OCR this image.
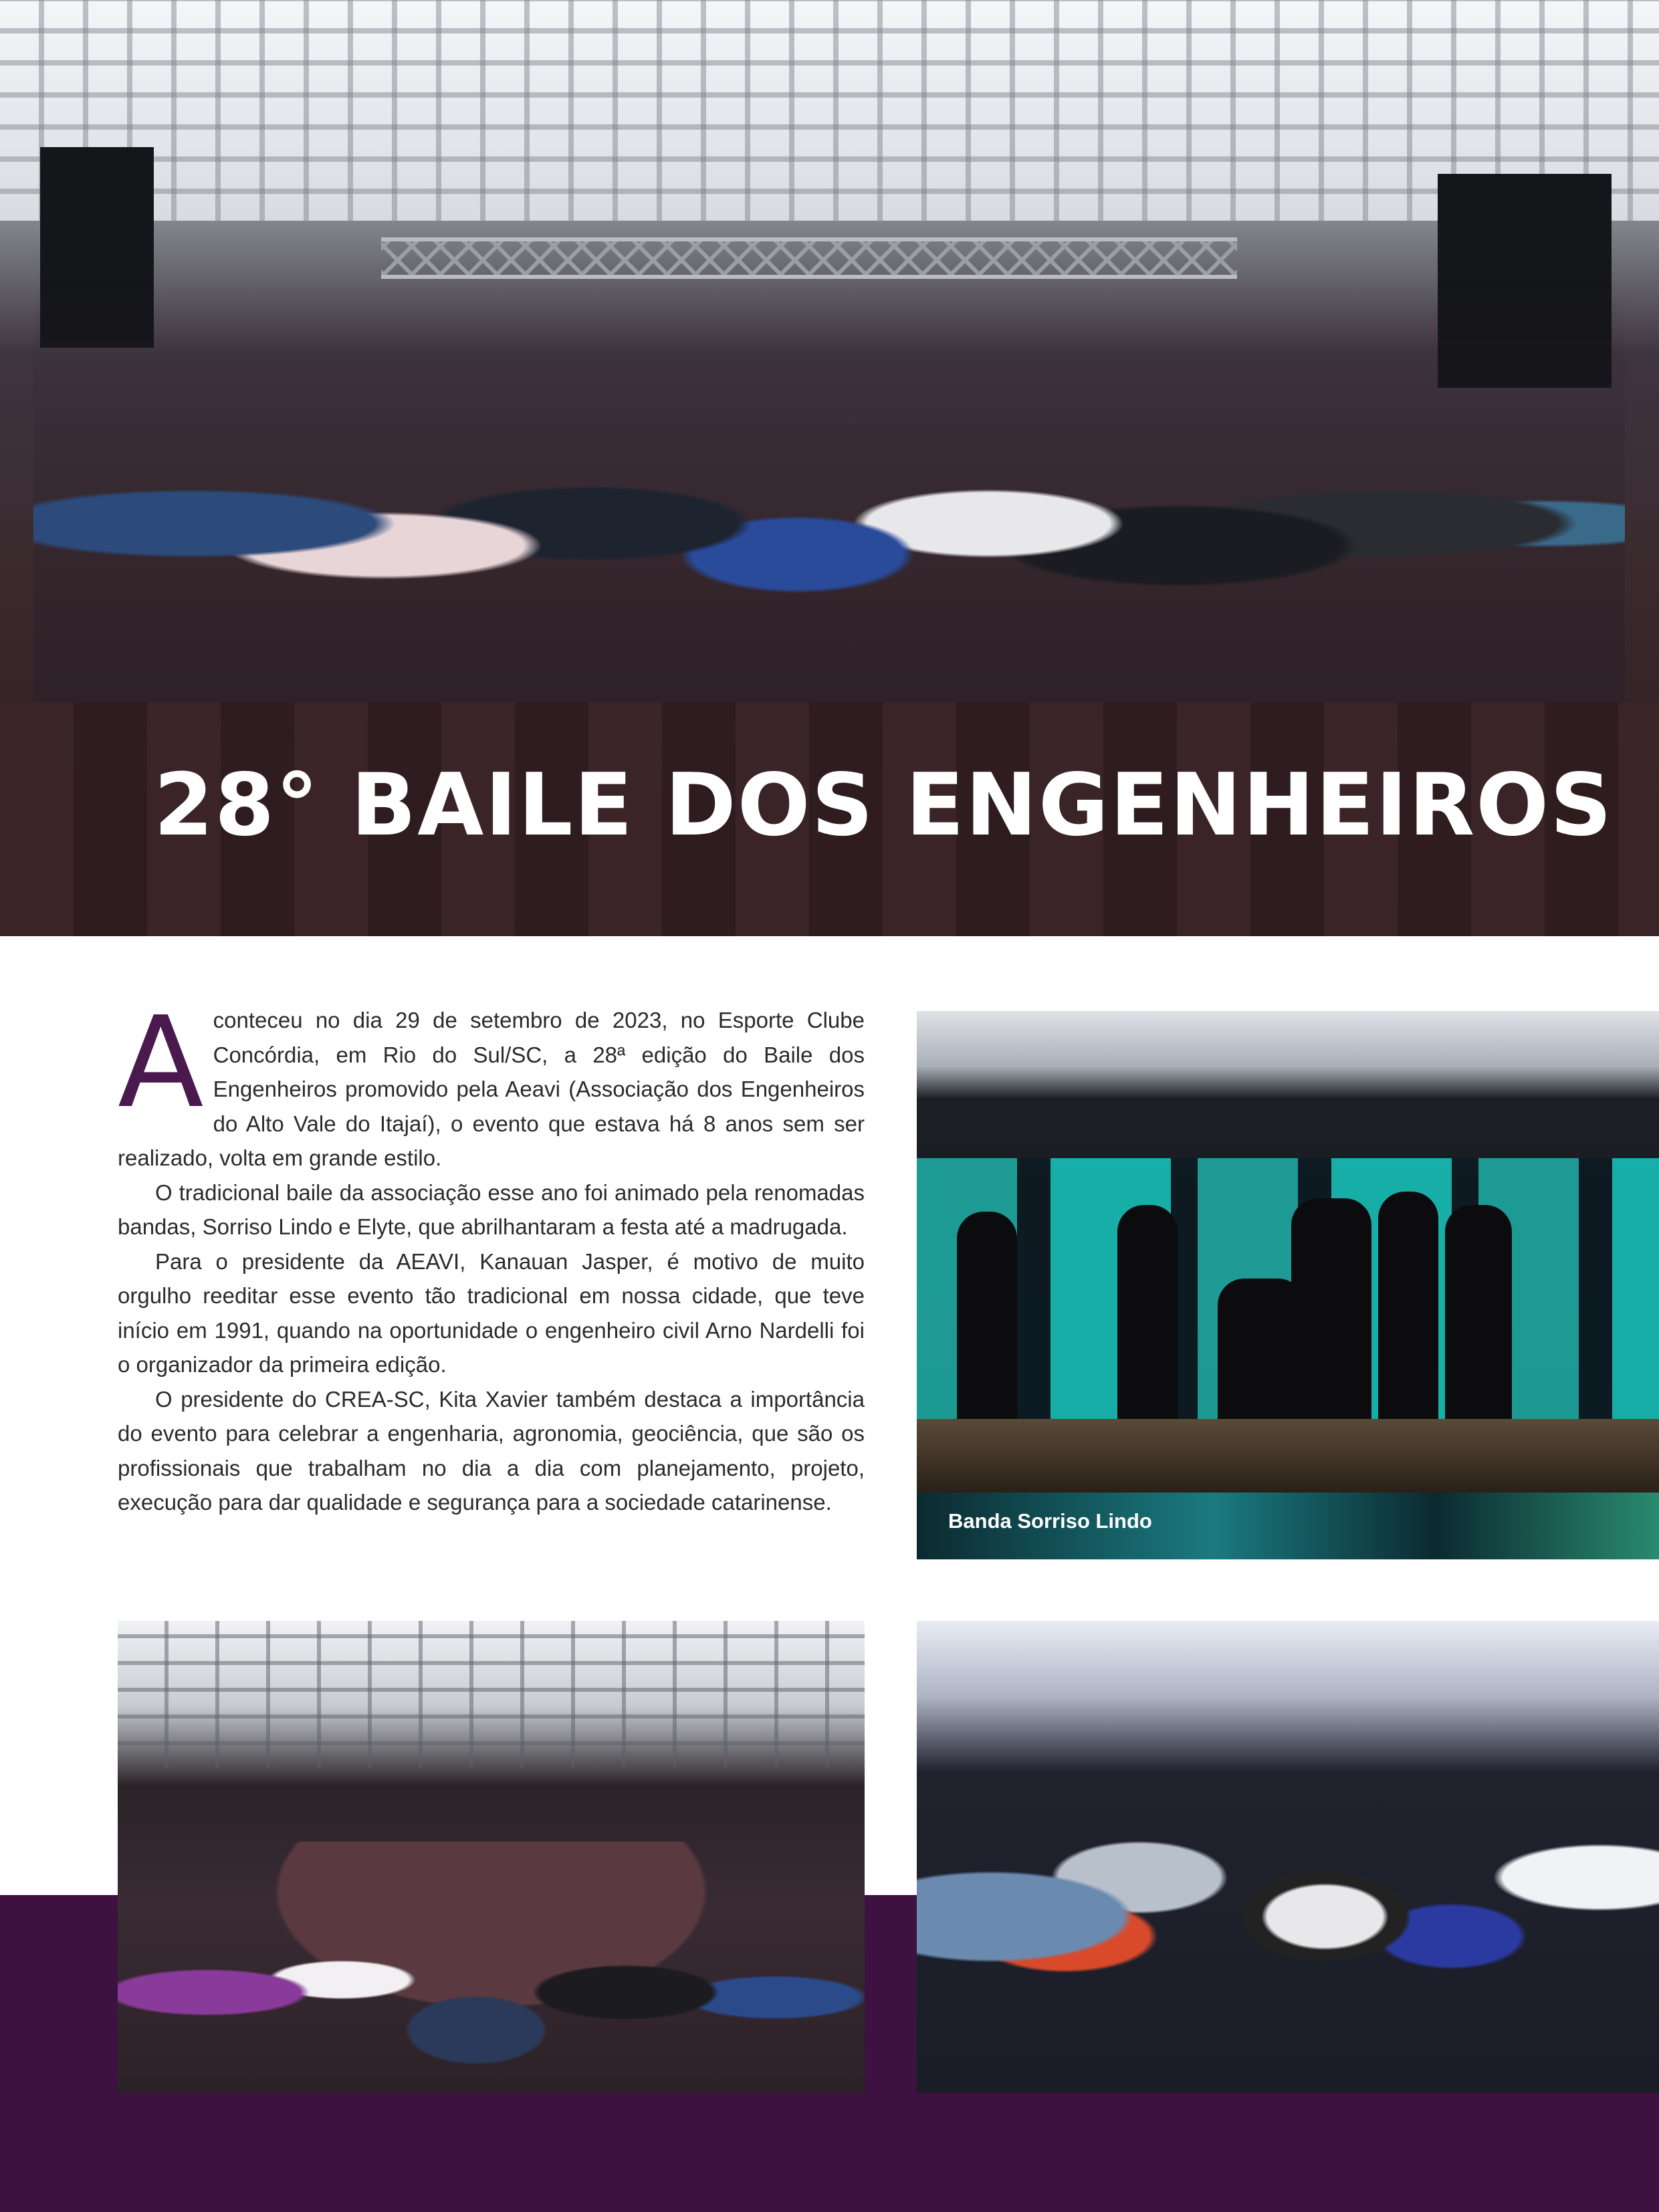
28° BAILE DOS ENGENHEIROS

Aconteceu no dia 29 de setembro de 2023, no Esporte Clube Concórdia, em Rio do Sul/SC, a 28ª edição do Baile dos Engenheiros promovido pela Aeavi (Associação dos Engenheiros do Alto Vale do Itajaí), o evento que estava há 8 anos sem ser realizado, volta em grande estilo.

O tradicional baile da associação esse ano foi animado pela renomadas bandas, Sorriso Lindo e Elyte, que abrilhantaram a festa até a madrugada.

Para o presidente da AEAVI, Kanauan Jasper, é motivo de muito orgulho reeditar esse evento tão tradicional em nossa cidade, que teve início em 1991, quando na oportunidade o engenheiro civil Arno Nardelli foi o organizador da primeira edição.

O presidente do CREA-SC, Kita Xavier também destaca a importância do evento para celebrar a engenharia, agronomia, geociência, que são os profissionais que trabalham no dia a dia com planejamento, projeto, execução para dar qualidade e segurança para a sociedade catarinense.

Banda Sorriso Lindo
